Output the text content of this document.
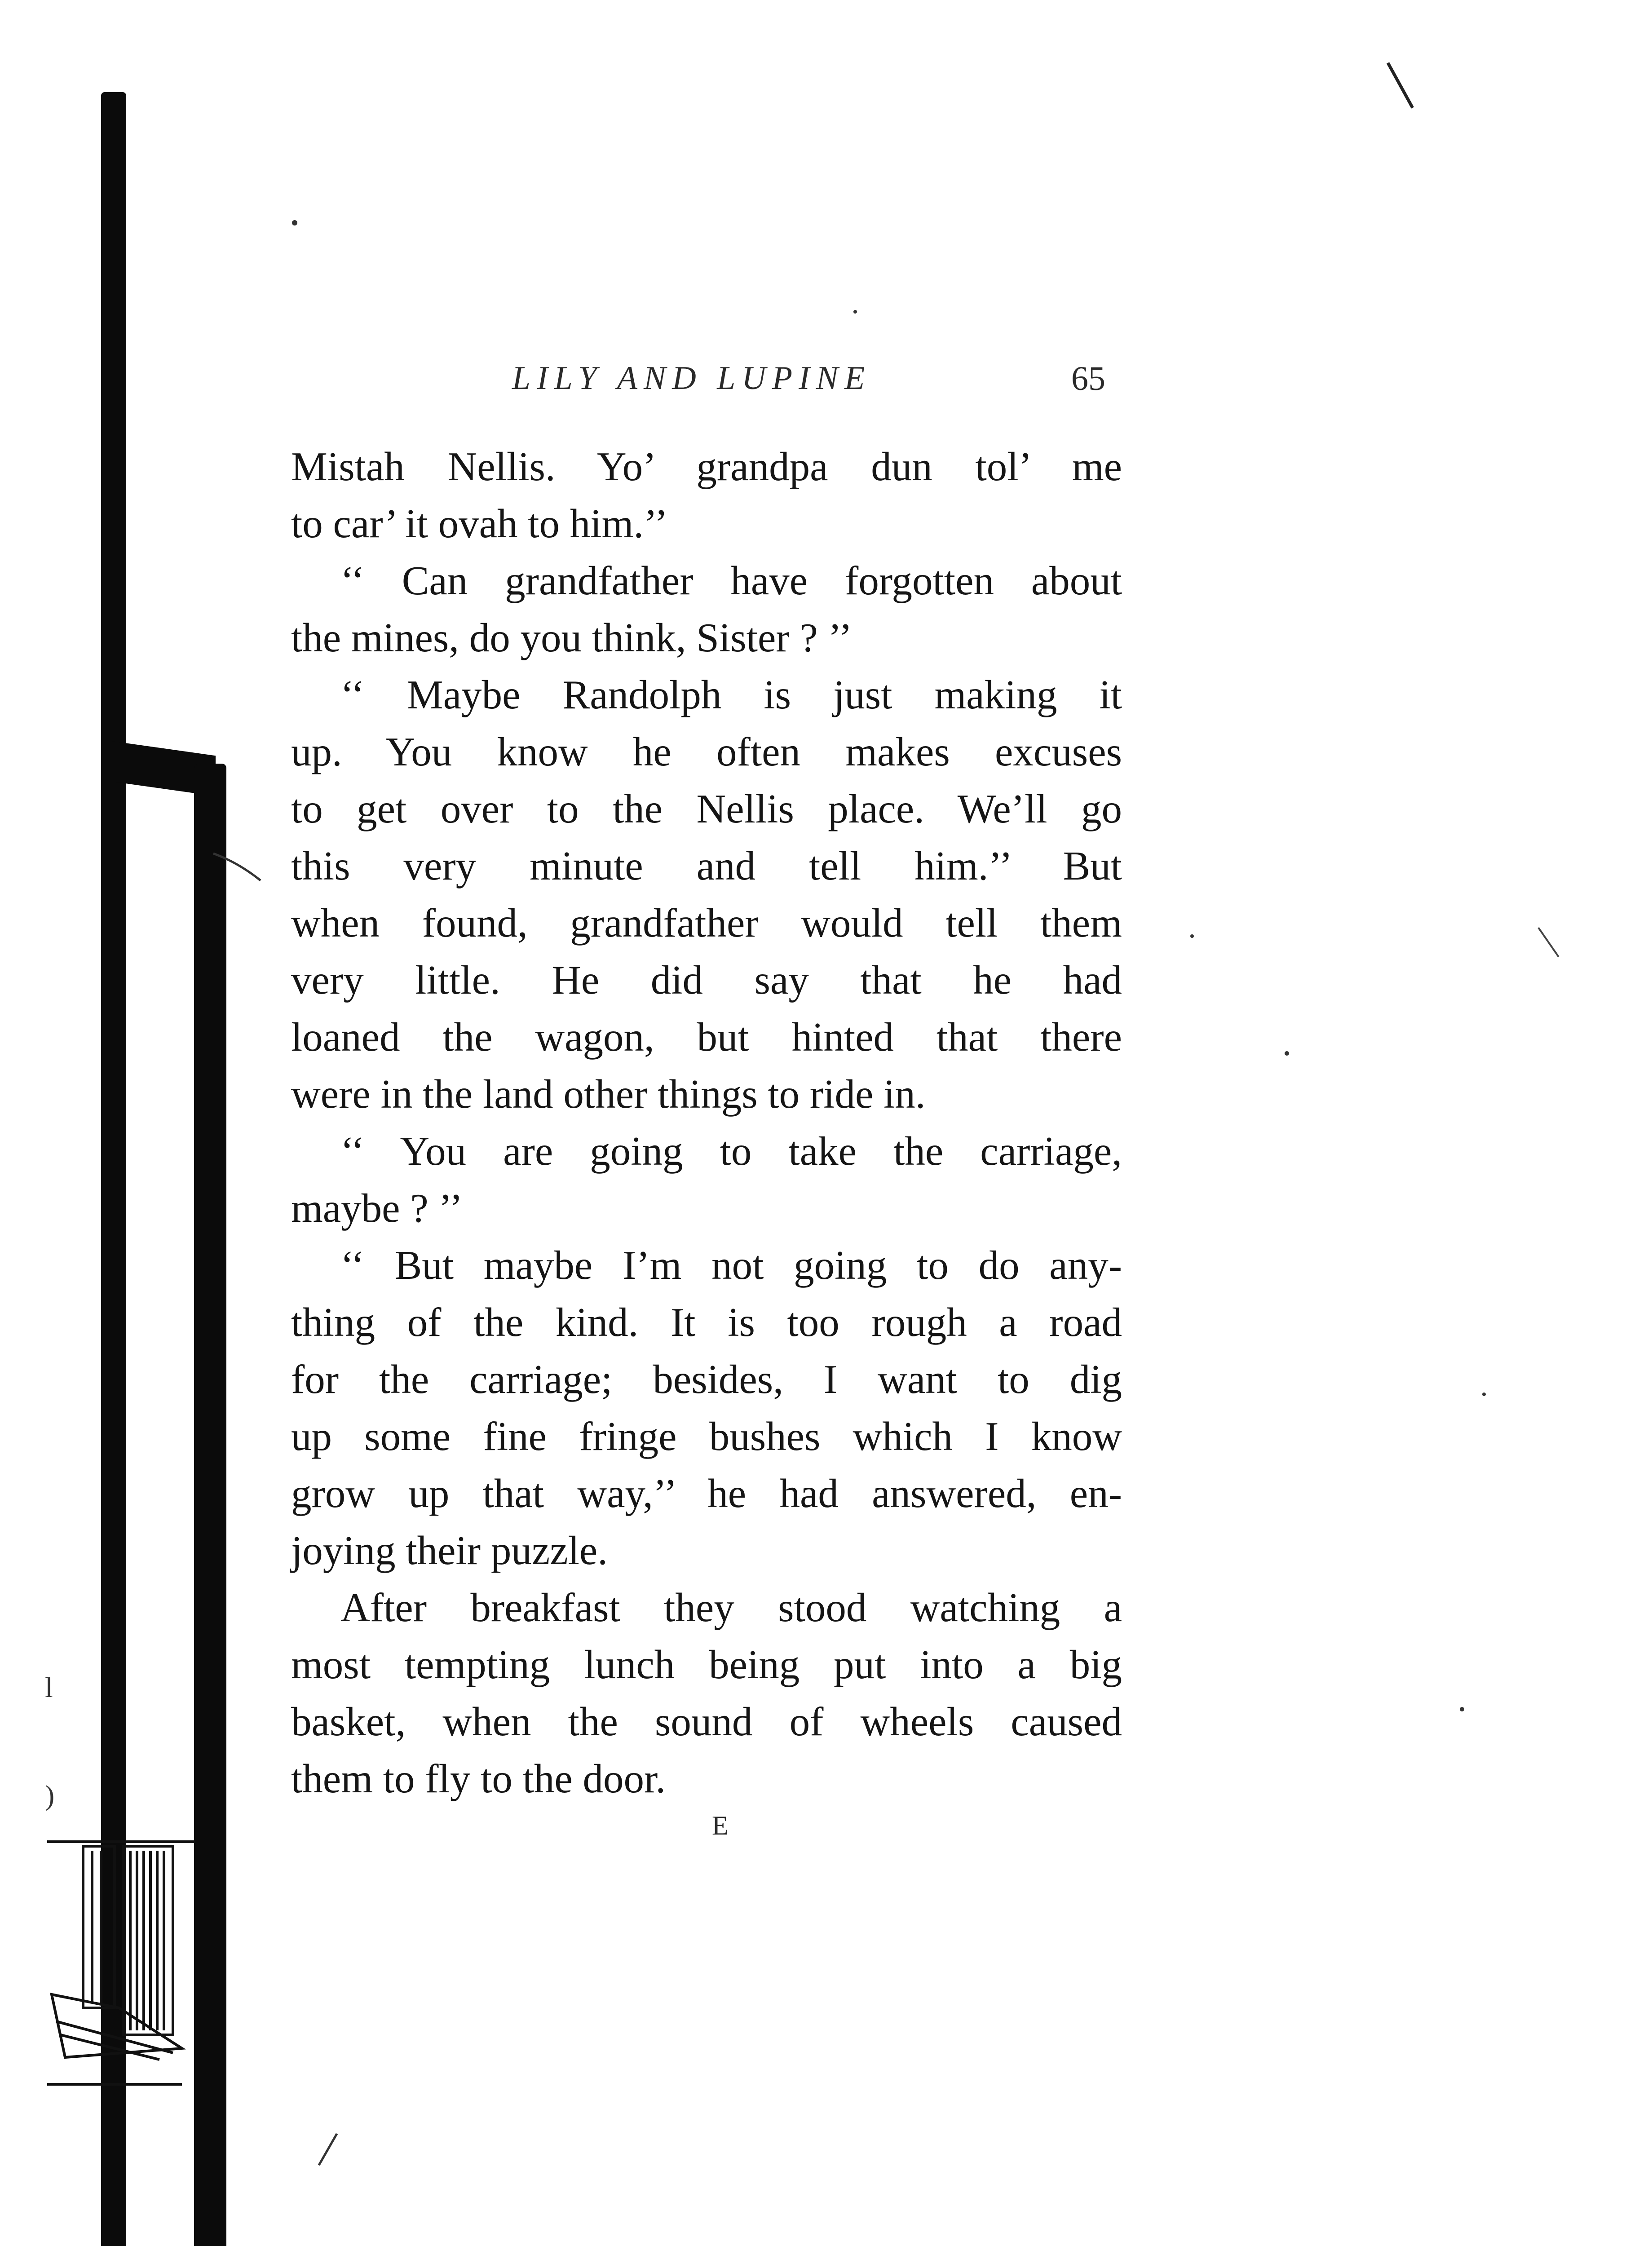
LILY AND LUPINE	65
Mistah Nellis. Yo’ grandpa dun tol’ me
to car’ it ovah to him.’’
‘‘ Can grandfather have forgotten about
the mines, do you think, Sister ? ’’
‘‘ Maybe Randolph is just making it
up. You know he often makes excuses
to get over to the Nellis place. We’ll go
this very minute and tell him.’’ But
when found, grandfather would tell them
very little. He did say that he had
loaned the wagon, but hinted that there
were in the land other things to ride in.
‘‘ You are going to take the carriage,
maybe ? ’’
‘‘ But maybe I’m not going to do any-
thing of the kind. It is too rough a road
for the carriage; besides, I want to dig
up some fine fringe bushes which I know
grow up that way,’’ he had answered, en-
joying their puzzle.
After breakfast they stood watching a
most tempting lunch being put into a big
basket, when the sound of wheels caused
them to fly to the door.
E
l
)
